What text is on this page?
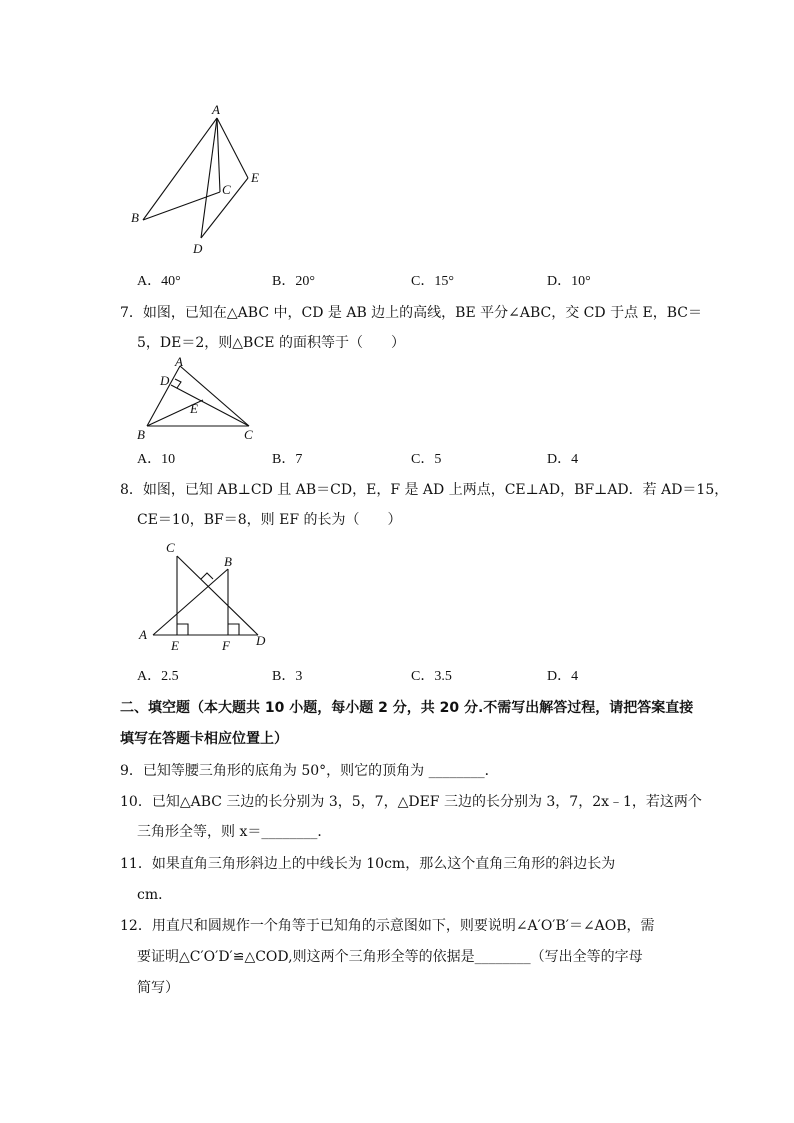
A
B
C
D
E
A．40°	B．20°	C．15°	D．10°
7．如图，已知在△ABC 中，CD 是 AB 边上的高线，BE 平分∠ABC，交 CD 于点 E，BC＝
5，DE＝2，则△BCE 的面积等于（　　）
A
B	C
D
E
A．10	B．7	C．5	D．4
8．如图，已知 AB⊥CD 且 AB＝CD，E，F 是 AD 上两点，CE⊥AD，BF⊥AD．若 AD＝15，
CE＝10，BF＝8，则 EF 的长为（　　）
C
B
A
E	F D
A．2.5	B．3	C．3.5	D．4
二、填空题（本大题共 10 小题，每小题 2 分，共 20 分.不需写出解答过程，请把答案直接
填写在答题卡相应位置上）
9．已知等腰三角形的底角为 50°，则它的顶角为 ________．
10．已知△ABC 三边的长分别为 3，5，7，△DEF 三边的长分别为 3，7，2x﹣1，若这两个
三角形全等，则 x＝________．
11．如果直角三角形斜边上的中线长为 10cm，那么这个直角三角形的斜边长为
cm．
12．用直尺和圆规作一个角等于已知角的示意图如下，则要说明∠A′O′B′＝∠AOB，需
要证明△C′O′D′≌△COD,则这两个三角形全等的依据是________（写出全等的字母
简写）
